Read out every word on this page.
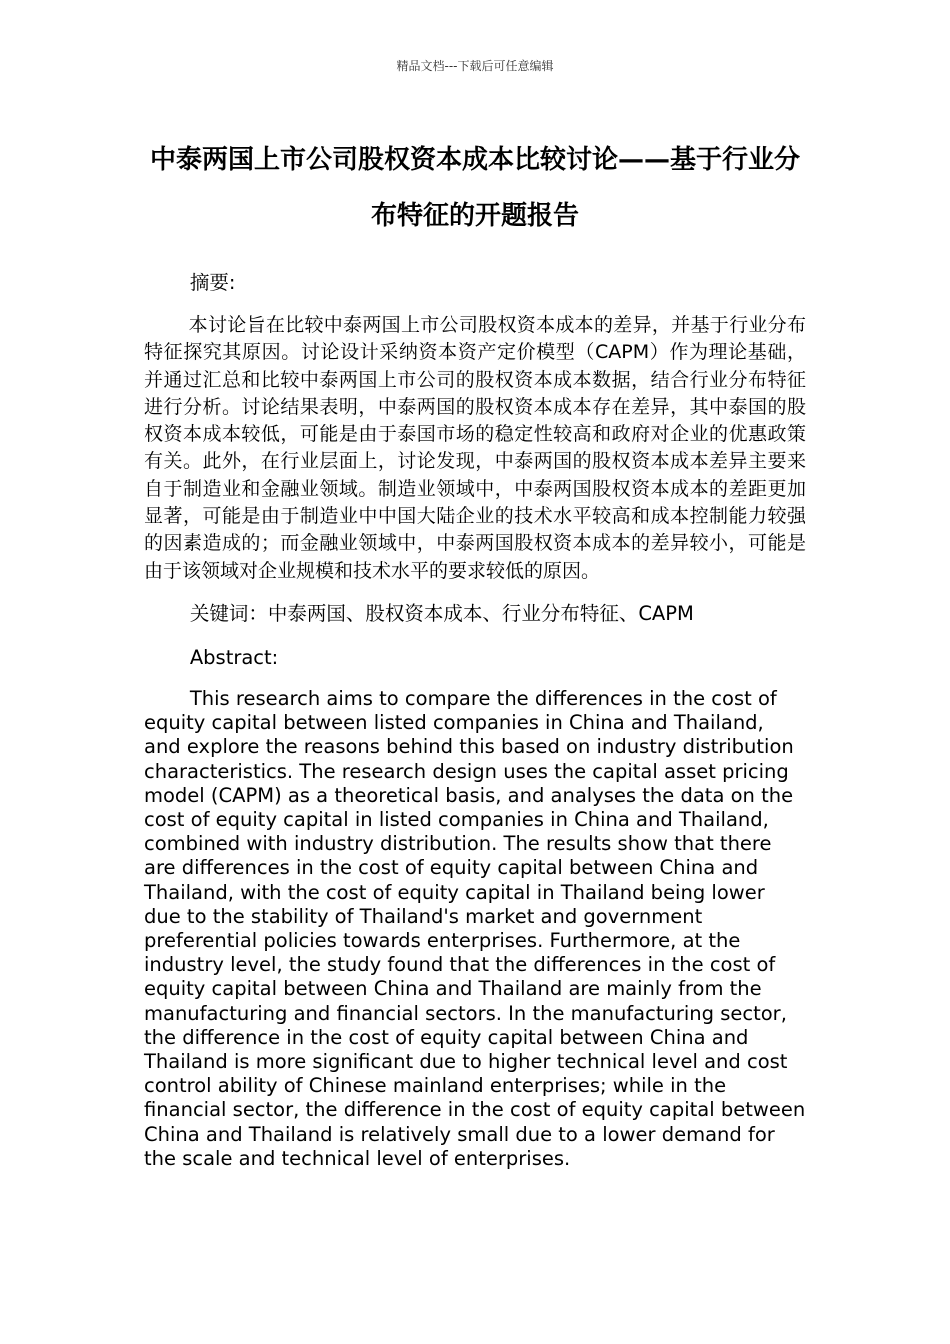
精品文档---下载后可任意编辑
中泰两国上市公司股权资本成本比较讨论——基于行业分布特征的开题报告

摘要:

本讨论旨在比较中泰两国上市公司股权资本成本的差异，并基于行业分布特征探究其原因。讨论设计采纳资本资产定价模型（CAPM）作为理论基础，并通过汇总和比较中泰两国上市公司的股权资本成本数据，结合行业分布特征进行分析。讨论结果表明，中泰两国的股权资本成本存在差异，其中泰国的股权资本成本较低，可能是由于泰国市场的稳定性较高和政府对企业的优惠政策有关。此外，在行业层面上，讨论发现，中泰两国的股权资本成本差异主要来自于制造业和金融业领域。制造业领域中，中泰两国股权资本成本的差距更加显著，可能是由于制造业中中国大陆企业的技术水平较高和成本控制能力较强的因素造成的；而金融业领域中，中泰两国股权资本成本的差异较小，可能是由于该领域对企业规模和技术水平的要求较低的原因。

关键词：中泰两国、股权资本成本、行业分布特征、CAPM

Abstract:

This research aims to compare the differences in the cost of equity capital between listed companies in China and Thailand, and explore the reasons behind this based on industry distribution characteristics. The research design uses the capital asset pricing model (CAPM) as a theoretical basis, and analyses the data on the cost of equity capital in listed companies in China and Thailand, combined with industry distribution. The results show that there are differences in the cost of equity capital between China and Thailand, with the cost of equity capital in Thailand being lower due to the stability of Thailand's market and government preferential policies towards enterprises. Furthermore, at the industry level, the study found that the differences in the cost of equity capital between China and Thailand are mainly from the manufacturing and financial sectors. In the manufacturing sector, the difference in the cost of equity capital between China and Thailand is more significant due to higher technical level and cost control ability of Chinese mainland enterprises; while in the financial sector, the difference in the cost of equity capital between China and Thailand is relatively small due to a lower demand for the scale and technical level of enterprises.
